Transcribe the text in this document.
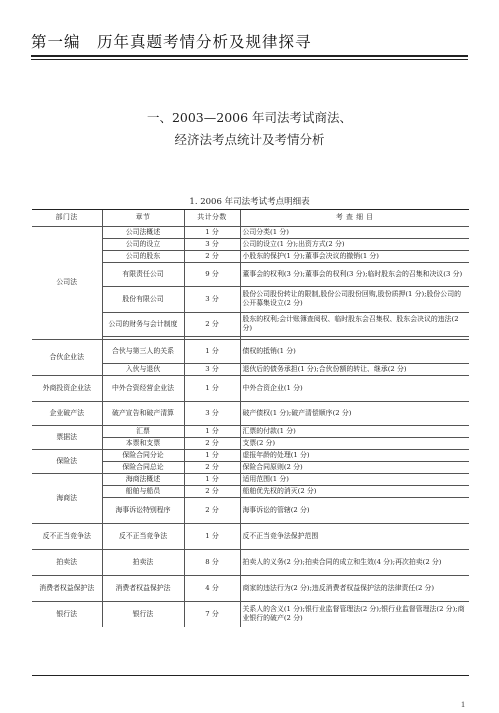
第一编　历年真题考情分析及规律探寻
一、2003—2006 年司法考试商法、
经济法考点统计及考情分析
1. 2006 年司法考试考点明细表
部门法	章节	共计分数	考 查 细 目
公司法	公司法概述	1 分	公司分类(1 分)
	公司的设立	3 分	公司的设立(1 分);出资方式(2 分)
	公司的股东	2 分	小股东的保护(1 分);董事会决议的撤销(1 分)
	有限责任公司	9 分	董事会的权利(3 分);董事会的权利(3 分);临时股东会的召集和决议(3 分)
	股份有限公司	3 分	股份公司股份转让的限制,股份公司股份回购,股份质押(1 分);股份公司的公开募集设立(2 分)
	公司的财务与会计制度	2 分	股东的权利;会计账簿查阅权、临时股东会召集权、股东会决议的违法(2 分)

合伙企业法	合伙与第三人的关系	1 分	债权的抵销(1 分)
	入伙与退伙	3 分	退伙后的债务承担(1 分);合伙份额的转让、继承(2 分)
外商投资企业法	中外合资经营企业法	1 分	中外合资企业(1 分)
企业破产法	破产宣告和破产清算	3 分	破产债权(1 分);破产清偿顺序(2 分)
票据法	汇票	1 分	汇票的付款(1 分)
	本票和支票	2 分	支票(2 分)
保险法	保险合同分论	1 分	虚报年龄的处理(1 分)
	保险合同总论	2 分	保险合同原则(2 分)
海商法	海商法概述	1 分	适用范围(1 分)
	船舶与船员	2 分	船舶优先权的消灭(2 分)
	海事诉讼特别程序	2 分	海事诉讼的管辖(2 分)
反不正当竞争法	反不正当竞争法	1 分	反不正当竞争法保护范围
拍卖法	拍卖法	8 分	拍卖人的义务(2 分);拍卖合同的成立和生效(4 分);再次拍卖(2 分)
消费者权益保护法	消费者权益保护法	4 分	商家的违法行为(2 分);违反消费者权益保护法的法律责任(2 分)
银行法	银行法	7 分	关系人的含义(1 分);银行业监督管理法(2 分);银行业监督管理法(2 分);商业银行的破产(2 分)
1
